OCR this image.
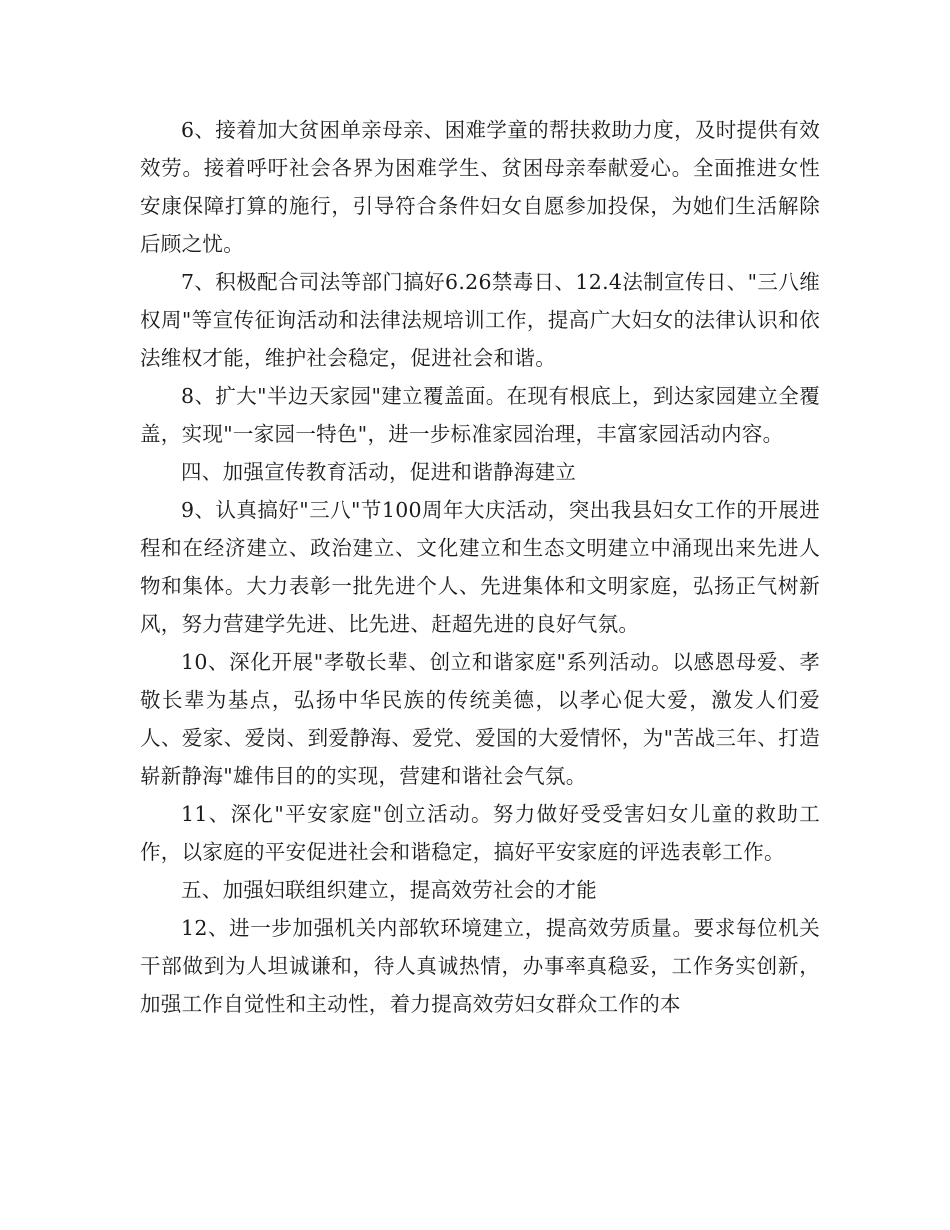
6、接着加大贫困单亲母亲、困难学童的帮扶救助力度，及时提供有效效劳。接着呼吁社会各界为困难学生、贫困母亲奉献爱心。全面推进女性安康保障打算的施行，引导符合条件妇女自愿参加投保，为她们生活解除后顾之忧。

7、积极配合司法等部门搞好6.26禁毒日、12.4法制宣传日、"三八维权周"等宣传征询活动和法律法规培训工作，提高广大妇女的法律认识和依法维权才能，维护社会稳定，促进社会和谐。

8、扩大"半边天家园"建立覆盖面。在现有根底上，到达家园建立全覆盖，实现"一家园一特色"，进一步标准家园治理，丰富家园活动内容。

四、加强宣传教育活动，促进和谐静海建立

9、认真搞好"三八"节100周年大庆活动，突出我县妇女工作的开展进程和在经济建立、政治建立、文化建立和生态文明建立中涌现出来先进人物和集体。大力表彰一批先进个人、先进集体和文明家庭，弘扬正气树新风，努力营建学先进、比先进、赶超先进的良好气氛。

10、深化开展"孝敬长辈、创立和谐家庭"系列活动。以感恩母爱、孝敬长辈为基点，弘扬中华民族的传统美德，以孝心促大爱，激发人们爱人、爱家、爱岗、到爱静海、爱党、爱国的大爱情怀，为"苦战三年、打造崭新静海"雄伟目的的实现，营建和谐社会气氛。

11、深化"平安家庭"创立活动。努力做好受受害妇女儿童的救助工作，以家庭的平安促进社会和谐稳定，搞好平安家庭的评选表彰工作。

五、加强妇联组织建立，提高效劳社会的才能

12、进一步加强机关内部软环境建立，提高效劳质量。要求每位机关干部做到为人坦诚谦和，待人真诚热情，办事率真稳妥，工作务实创新，加强工作自觉性和主动性，着力提高效劳妇女群众工作的本
